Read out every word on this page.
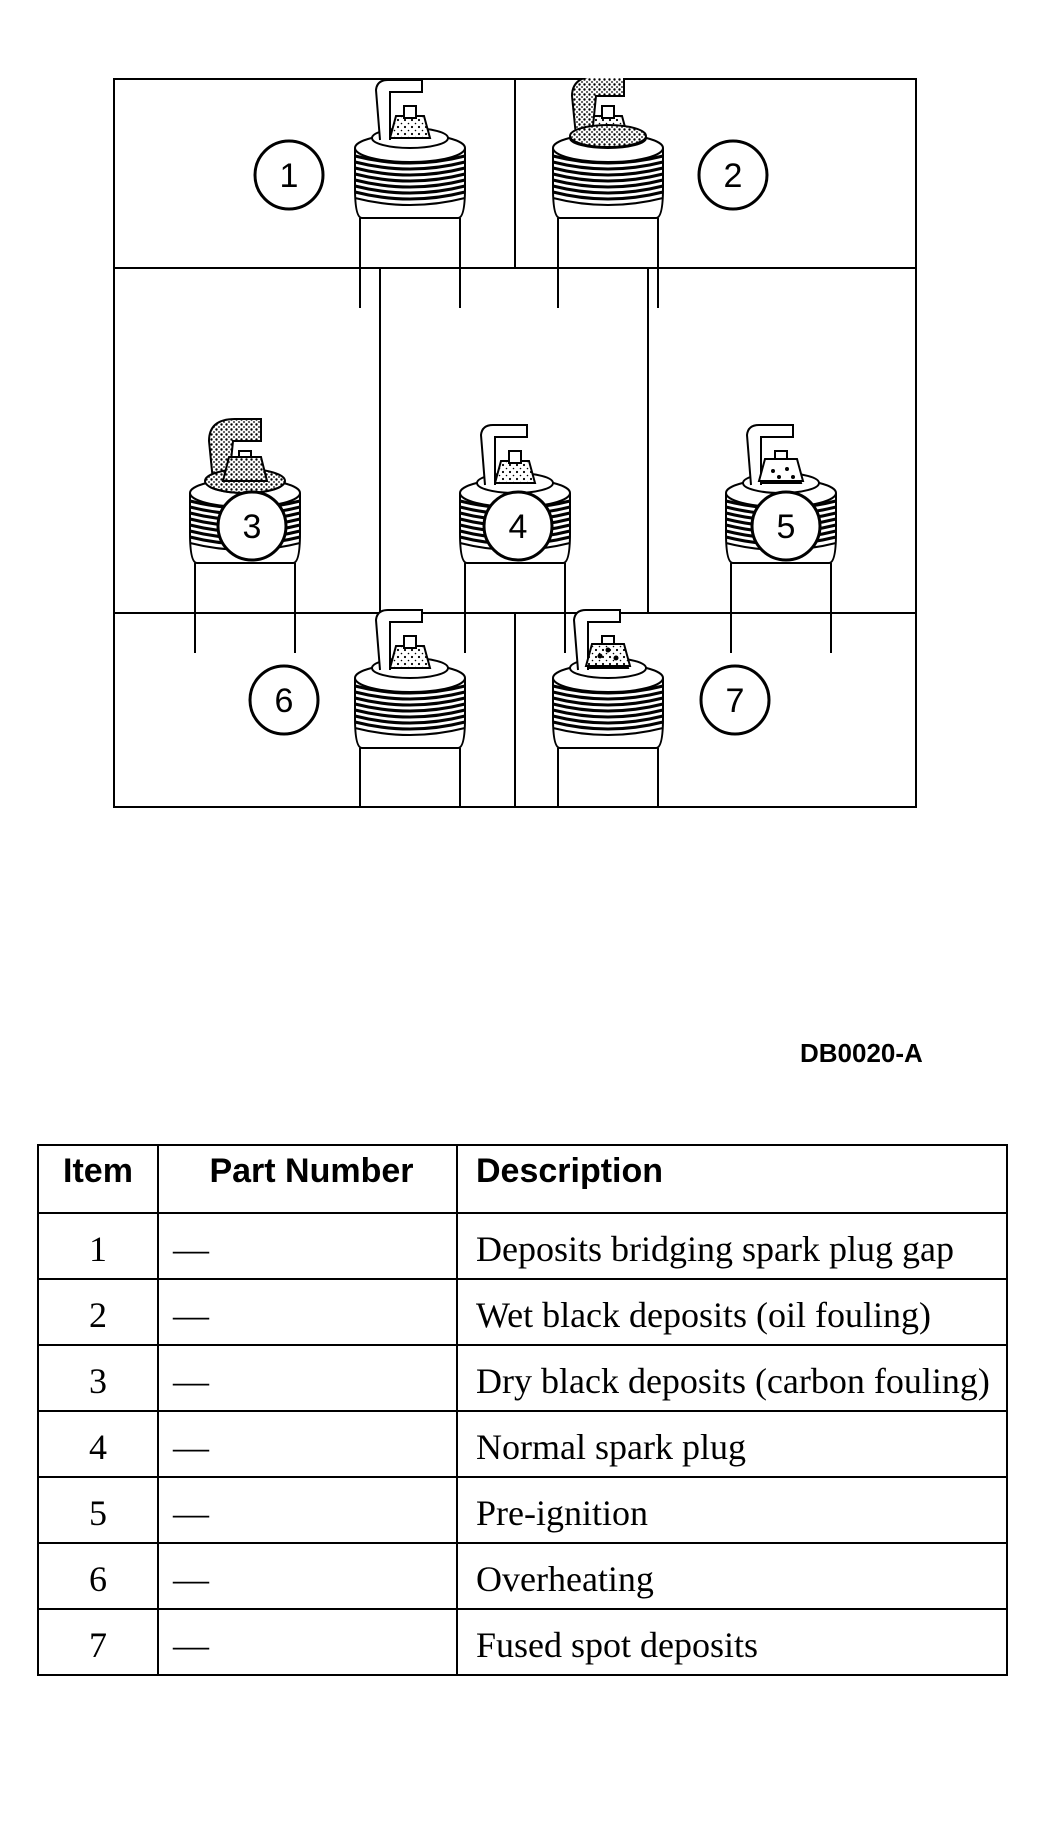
1	2
3	4	5
6	7
DB0020-A
Item	Part Number	Description
1	—	Deposits bridging spark plug gap
2	—	Wet black deposits (oil fouling)
3	—	Dry black deposits (carbon fouling)
4	—	Normal spark plug
5	—	Pre-ignition
6	—	Overheating
7	—	Fused spot deposits
